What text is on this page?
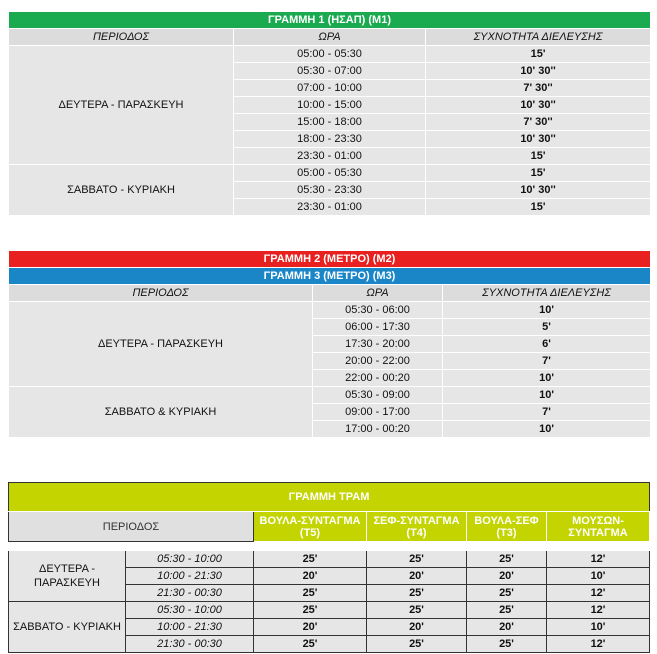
ΓΡΑΜΜΗ 1 (ΗΣΑΠ) (Μ1)		
ΠΕΡΙΟΔΟΣ	ΩΡΑ	ΣΥΧΝΟΤΗΤΑ ΔΙΕΛΕΥΣΗΣ
ΔΕΥΤΕΡΑ - ΠΑΡΑΣΚΕΥΗ	05:00 - 05:30	15'
	05:30 - 07:00	10' 30''
	07:00 - 10:00	7' 30''
	10:00 - 15:00	10' 30''
	15:00 - 18:00	7' 30''
	18:00 - 23:30	10' 30''
	23:30 - 01:00	15'
ΣΑΒΒΑΤΟ - ΚΥΡΙΑΚΗ	05:00 - 05:30	15'
	05:30 - 23:30	10' 30''
	23:30 - 01:00	15'
ΓΡΑΜΜΗ 2 (ΜΕΤΡΟ) (Μ2)		
ΓΡΑΜΜΗ 3 (ΜΕΤΡΟ) (Μ3)		
ΠΕΡΙΟΔΟΣ	ΩΡΑ	ΣΥΧΝΟΤΗΤΑ ΔΙΕΛΕΥΣΗΣ
ΔΕΥΤΕΡΑ - ΠΑΡΑΣΚΕΥΗ	05:30 - 06:00	10'
	06:00 - 17:30	5'
	17:30 - 20:00	6'
	20:00 - 22:00	7'
	22:00 - 00:20	10'
ΣΑΒΒΑΤΟ & ΚΥΡΙΑΚΗ	05:30 - 09:00	10'
	09:00 - 17:00	7'
	17:00 - 00:20	10'
ΓΡΑΜΜΗ ΤΡΑΜ					
ΠΕΡΙΟΔΟΣ		ΒΟΥΛΑ-ΣΥΝΤΑΓΜΑ (Τ5)	ΣΕΦ-ΣΥΝΤΑΓΜΑ (Τ4)	ΒΟΥΛΑ-ΣΕΦ (Τ3)	ΜΟΥΣΩΝ-ΣΥΝΤΑΓΜΑ

ΔΕΥΤΕΡΑ - ΠΑΡΑΣΚΕΥΗ	05:30 - 10:00	25'	25'	25'	12'
	10:00 - 21:30	20'	20'	20'	10'
	21:30 - 00:30	25'	25'	25'	12'
ΣΑΒΒΑΤΟ - ΚΥΡΙΑΚΗ	05:30 - 10:00	25'	25'	25'	12'
	10:00 - 21:30	20'	20'	20'	10'
	21:30 - 00:30	25'	25'	25'	12'
